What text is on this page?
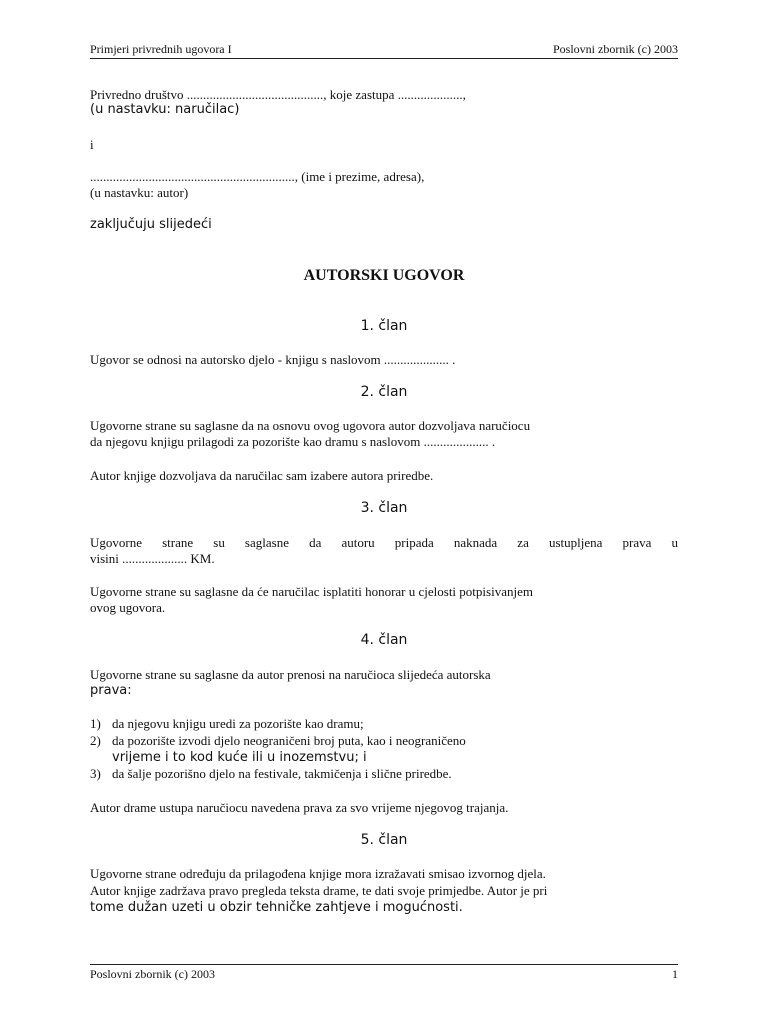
Primjeri privrednih ugovora I	Poslovni zbornik (c) 2003
Privredno društvo .........................................., koje zastupa ....................,
(u nastavku: naručilac)
i
..............................................................., (ime i prezime, adresa),
(u nastavku: autor)
zaključuju slijedeći
AUTORSKI UGOVOR
1. član
Ugovor se odnosi na autorsko djelo - knjigu s naslovom .................... .
2. član
Ugovorne strane su saglasne da na osnovu ovog ugovora autor dozvoljava naručiocu
da njegovu knjigu prilagodi za pozorište kao dramu s naslovom .................... .
Autor knjige dozvoljava da naručilac sam izabere autora priredbe.
3. član
Ugovorne strane su saglasne da autoru pripada naknada za ustupljena prava u
visini .................... KM.
Ugovorne strane su saglasne da će naručilac isplatiti honorar u cjelosti potpisivanjem
ovog ugovora.
4. član
Ugovorne strane su saglasne da autor prenosi na naručioca slijedeća autorska
prava:
1) da njegovu knjigu uredi za pozorište kao dramu;
2) da pozorište izvodi djelo neograničeni broj puta, kao i neograničeno
vrijeme i to kod kuće ili u inozemstvu; i
3) da šalje pozorišno djelo na festivale, takmičenja i slične priredbe.
Autor drame ustupa naručiocu navedena prava za svo vrijeme njegovog trajanja.
5. član
Ugovorne strane određuju da prilagođena knjige mora izražavati smisao izvornog djela.
Autor knjige zadržava pravo pregleda teksta drame, te dati svoje primjedbe. Autor je pri
tome dužan uzeti u obzir tehničke zahtjeve i mogućnosti.
Poslovni zbornik (c) 2003	1
